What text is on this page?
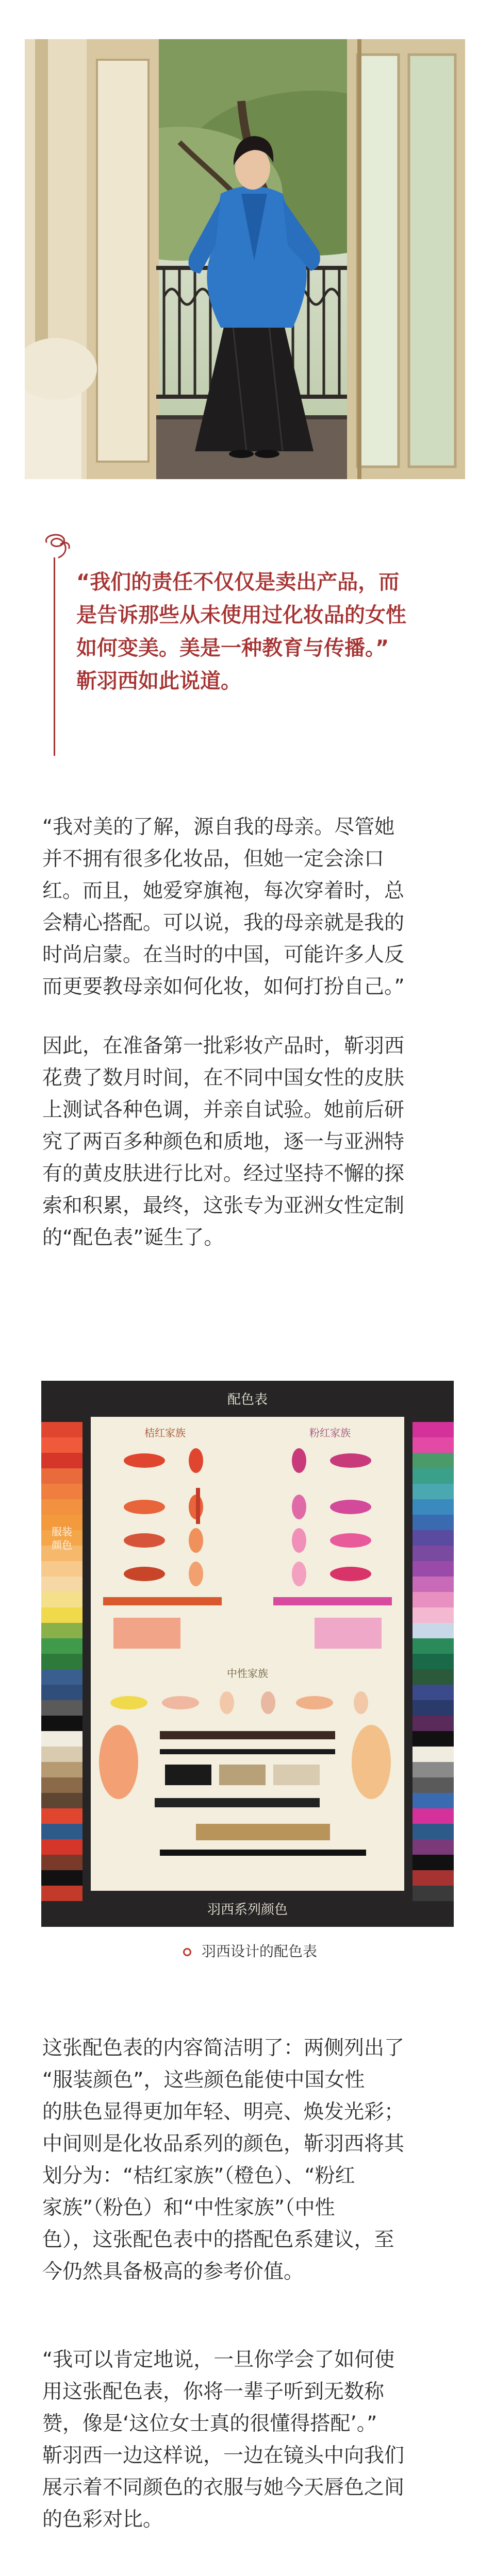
“我们的责任不仅仅是卖出产品，而
是告诉那些从未使用过化妆品的女性
如何变美。美是一种教育与传播。”
靳羽西如此说道。

“我对美的了解，源自我的母亲。尽管她
并不拥有很多化妆品，但她一定会涂口
红。而且，她爱穿旗袍，每次穿着时，总
会精心搭配。可以说，我的母亲就是我的
时尚启蒙。在当时的中国，可能许多人反
而更要教母亲如何化妆，如何打扮自己。”

因此，在准备第一批彩妆产品时，靳羽西
花费了数月时间，在不同中国女性的皮肤
上测试各种色调，并亲自试验。她前后研
究了两百多种颜色和质地，逐一与亚洲特
有的黄皮肤进行比对。经过坚持不懈的探
索和积累，最终，这张专为亚洲女性定制
的“配色表”诞生了。

配色表
桔红家族	粉红家族
中性家族
服装颜色
羽西系列颜色
羽西设计的配色表

这张配色表的内容简洁明了：两侧列出了
“服装颜色”，这些颜色能使中国女性
的肤色显得更加年轻、明亮、焕发光彩；
中间则是化妆品系列的颜色，靳羽西将其
划分为：“桔红家族”（橙色）、“粉红
家族”（粉色）和“中性家族”（中性
色），这张配色表中的搭配色系建议，至
今仍然具备极高的参考价值。

“我可以肯定地说，一旦你学会了如何使
用这张配色表，你将一辈子听到无数称
赞，像是‘这位女士真的很懂得搭配’。”
靳羽西一边这样说，一边在镜头中向我们
展示着不同颜色的衣服与她今天唇色之间
的色彩对比。
